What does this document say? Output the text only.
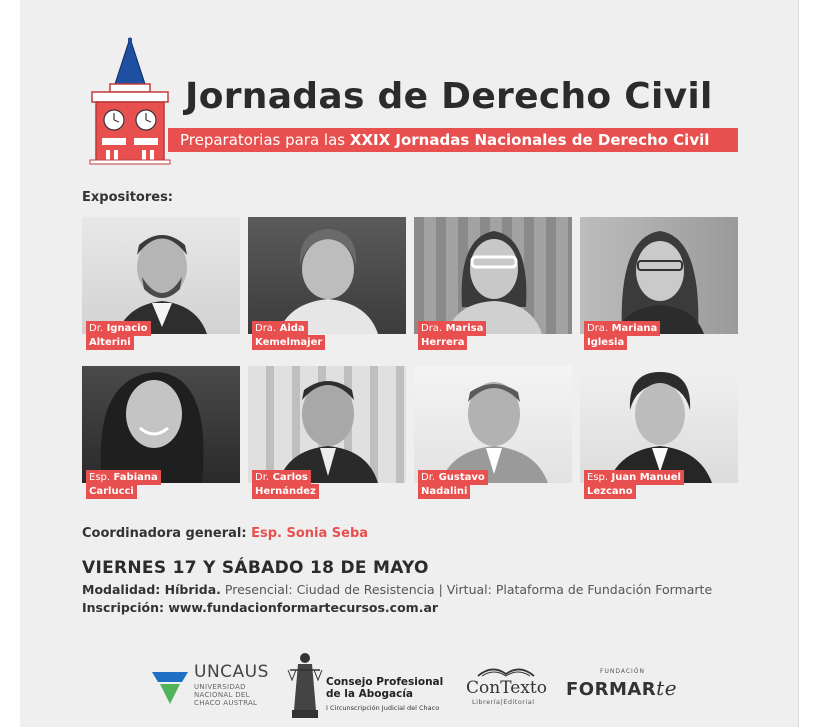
Jornadas de Derecho Civil
Preparatorias para las XXIX Jornadas Nacionales de Derecho Civil
Expositores:
Dr. Ignacio
Alterini
Dra. Aida
Kemelmajer
Dra. Marisa
Herrera
Dra. Mariana
Iglesia
Esp. Fabiana
Carlucci
Dr. Carlos
Hernández
Dr. Gustavo
Nadalini
Esp. Juan Manuel
Lezcano
Coordinadora general: Esp. Sonia Seba
VIERNES 17 Y SÁBADO 18 DE MAYO
Modalidad: Híbrida. Presencial: Ciudad de Resistencia | Virtual: Plataforma de Fundación Formarte
Inscripción: www.fundacionformartecursos.com.ar
UNCAUS
UNIVERSIDAD
NACIONAL DEL
CHACO AUSTRAL
Consejo Profesional
de la Abogacía
I Circunscripción Judicial del Chaco
ConTexto
Librería|Editorial
FUNDACIÓN
FORMARte
